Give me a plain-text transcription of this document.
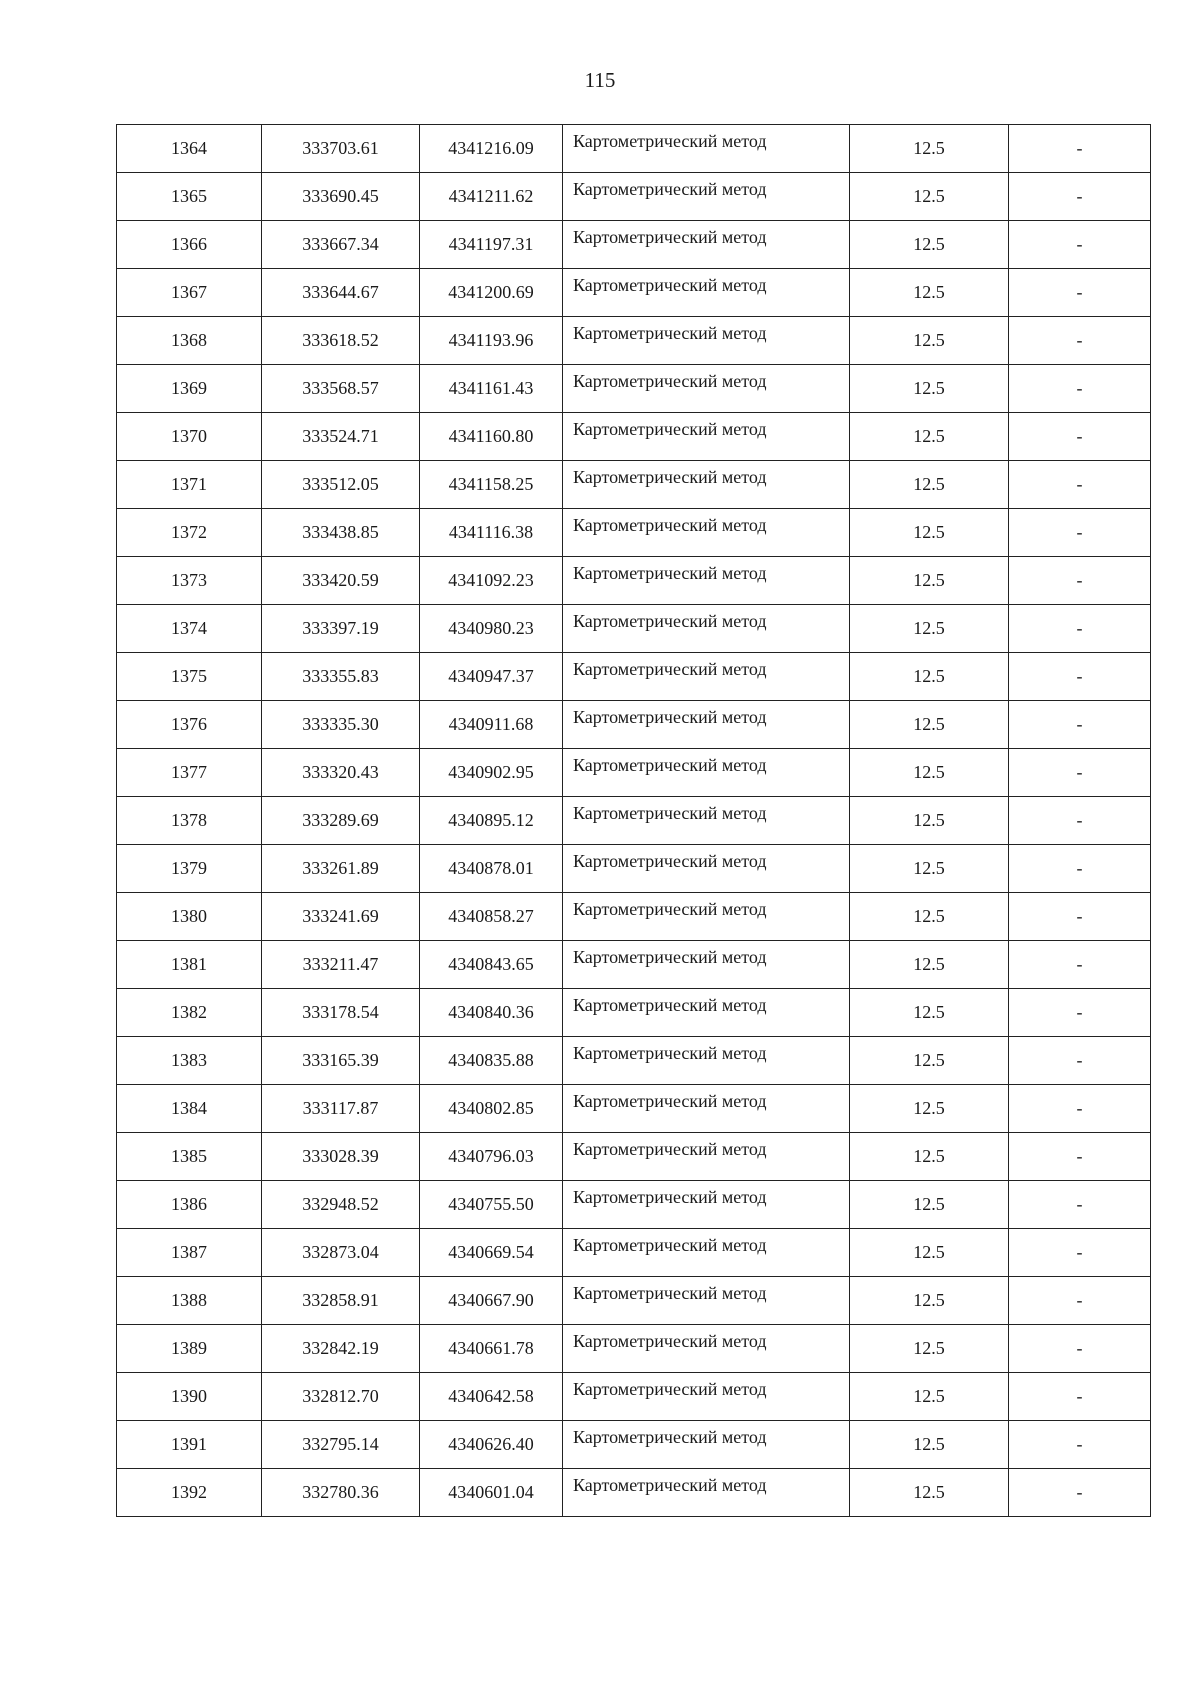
115
1364	333703.61	4341216.09	Картометрический метод	12.5	-
1365	333690.45	4341211.62	Картометрический метод	12.5	-
1366	333667.34	4341197.31	Картометрический метод	12.5	-
1367	333644.67	4341200.69	Картометрический метод	12.5	-
1368	333618.52	4341193.96	Картометрический метод	12.5	-
1369	333568.57	4341161.43	Картометрический метод	12.5	-
1370	333524.71	4341160.80	Картометрический метод	12.5	-
1371	333512.05	4341158.25	Картометрический метод	12.5	-
1372	333438.85	4341116.38	Картометрический метод	12.5	-
1373	333420.59	4341092.23	Картометрический метод	12.5	-
1374	333397.19	4340980.23	Картометрический метод	12.5	-
1375	333355.83	4340947.37	Картометрический метод	12.5	-
1376	333335.30	4340911.68	Картометрический метод	12.5	-
1377	333320.43	4340902.95	Картометрический метод	12.5	-
1378	333289.69	4340895.12	Картометрический метод	12.5	-
1379	333261.89	4340878.01	Картометрический метод	12.5	-
1380	333241.69	4340858.27	Картометрический метод	12.5	-
1381	333211.47	4340843.65	Картометрический метод	12.5	-
1382	333178.54	4340840.36	Картометрический метод	12.5	-
1383	333165.39	4340835.88	Картометрический метод	12.5	-
1384	333117.87	4340802.85	Картометрический метод	12.5	-
1385	333028.39	4340796.03	Картометрический метод	12.5	-
1386	332948.52	4340755.50	Картометрический метод	12.5	-
1387	332873.04	4340669.54	Картометрический метод	12.5	-
1388	332858.91	4340667.90	Картометрический метод	12.5	-
1389	332842.19	4340661.78	Картометрический метод	12.5	-
1390	332812.70	4340642.58	Картометрический метод	12.5	-
1391	332795.14	4340626.40	Картометрический метод	12.5	-
1392	332780.36	4340601.04	Картометрический метод	12.5	-
